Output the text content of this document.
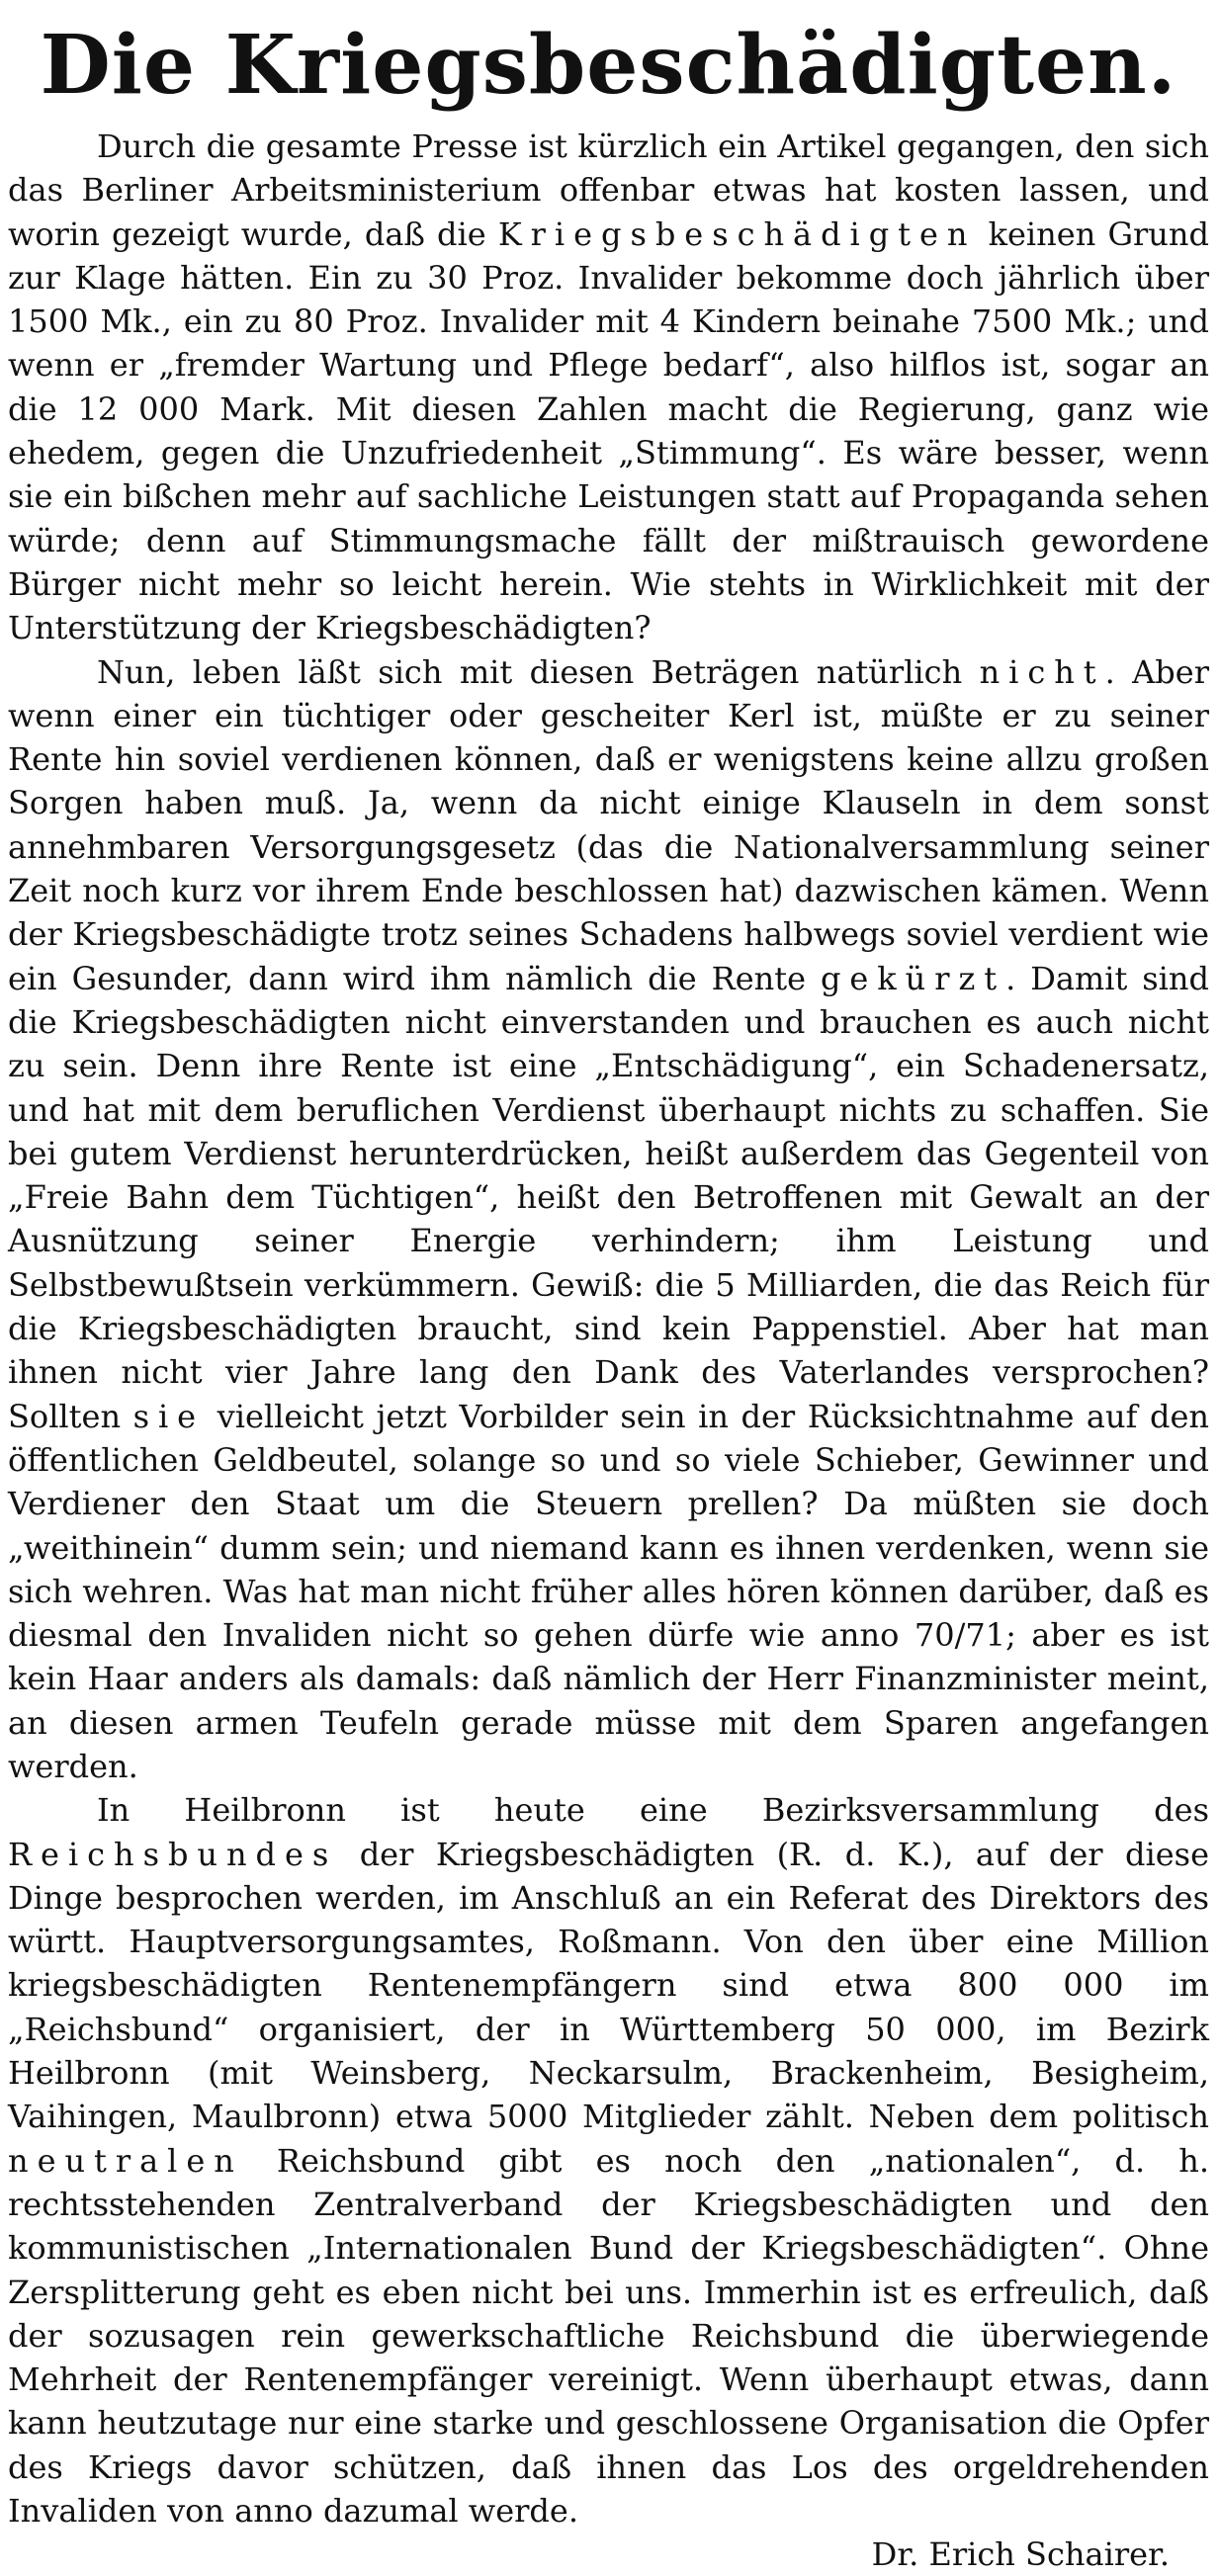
Die Kriegsbeschädigten.

Durch die gesamte Presse ist kürzlich ein Artikel gegangen, den sich das Berliner Arbeitsministerium offenbar etwas hat kosten lassen, und worin gezeigt wurde, daß die Kriegsbeschädigten keinen Grund zur Klage hätten. Ein zu 30 Proz. Invalider bekomme doch jährlich über 1500 Mk., ein zu 80 Proz. Invalider mit 4 Kindern beinahe 7500 Mk.; und wenn er „fremder Wartung und Pflege bedarf“, also hilflos ist, sogar an die 12 000 Mark. Mit diesen Zahlen macht die Regierung, ganz wie ehedem, gegen die Unzufriedenheit „Stimmung“. Es wäre besser, wenn sie ein bißchen mehr auf sachliche Leistungen statt auf Propaganda sehen würde; denn auf Stimmungsmache fällt der mißtrauisch gewordene Bürger nicht mehr so leicht herein. Wie stehts in Wirklichkeit mit der Unterstützung der Kriegsbeschädigten?

Nun, leben läßt sich mit diesen Beträgen natürlich nicht. Aber wenn einer ein tüchtiger oder gescheiter Kerl ist, müßte er zu seiner Rente hin soviel verdienen können, daß er wenigstens keine allzu großen Sorgen haben muß. Ja, wenn da nicht einige Klauseln in dem sonst annehmbaren Versorgungsgesetz (das die Nationalversammlung seiner Zeit noch kurz vor ihrem Ende beschlossen hat) dazwischen kämen. Wenn der Kriegsbeschädigte trotz seines Schadens halbwegs soviel verdient wie ein Gesunder, dann wird ihm nämlich die Rente gekürzt. Damit sind die Kriegsbeschädigten nicht einverstanden und brauchen es auch nicht zu sein. Denn ihre Rente ist eine „Entschädigung“, ein Schadenersatz, und hat mit dem beruflichen Verdienst überhaupt nichts zu schaffen. Sie bei gutem Verdienst herunterdrücken, heißt außerdem das Gegenteil von „Freie Bahn dem Tüchtigen“, heißt den Betroffenen mit Gewalt an der Ausnützung seiner Energie verhindern; ihm Leistung und Selbstbewußtsein verkümmern. Gewiß: die 5 Milliarden, die das Reich für die Kriegsbeschädigten braucht, sind kein Pappenstiel. Aber hat man ihnen nicht vier Jahre lang den Dank des Vaterlandes versprochen? Sollten sie vielleicht jetzt Vorbilder sein in der Rücksichtnahme auf den öffentlichen Geldbeutel, solange so und so viele Schieber, Gewinner und Verdiener den Staat um die Steuern prellen? Da müßten sie doch „weithinein“ dumm sein; und niemand kann es ihnen verdenken, wenn sie sich wehren. Was hat man nicht früher alles hören können darüber, daß es diesmal den Invaliden nicht so gehen dürfe wie anno 70/71; aber es ist kein Haar anders als damals: daß nämlich der Herr Finanzminister meint, an diesen armen Teufeln gerade müsse mit dem Sparen angefangen werden.

In Heilbronn ist heute eine Bezirksversammlung des Reichsbundes der Kriegsbeschädigten (R. d. K.), auf der diese Dinge besprochen werden, im Anschluß an ein Referat des Direktors des württ. Hauptversorgungsamtes, Roßmann. Von den über eine Million kriegsbeschädigten Rentenempfängern sind etwa 800 000 im „Reichsbund“ organisiert, der in Württemberg 50 000, im Bezirk Heilbronn (mit Weinsberg, Neckarsulm, Brackenheim, Besigheim, Vaihingen, Maulbronn) etwa 5000 Mitglieder zählt. Neben dem politisch neutralen Reichsbund gibt es noch den „nationalen“, d. h. rechtsstehenden Zentralverband der Kriegsbeschädigten und den kommunistischen „Internationalen Bund der Kriegsbeschädigten“. Ohne Zersplitterung geht es eben nicht bei uns. Immerhin ist es erfreulich, daß der sozusagen rein gewerkschaftliche Reichsbund die überwiegende Mehrheit der Rentenempfänger vereinigt. Wenn überhaupt etwas, dann kann heutzutage nur eine starke und geschlossene Organisation die Opfer des Kriegs davor schützen, daß ihnen das Los des orgeldrehenden Invaliden von anno dazumal werde.

Dr. Erich Schairer.
